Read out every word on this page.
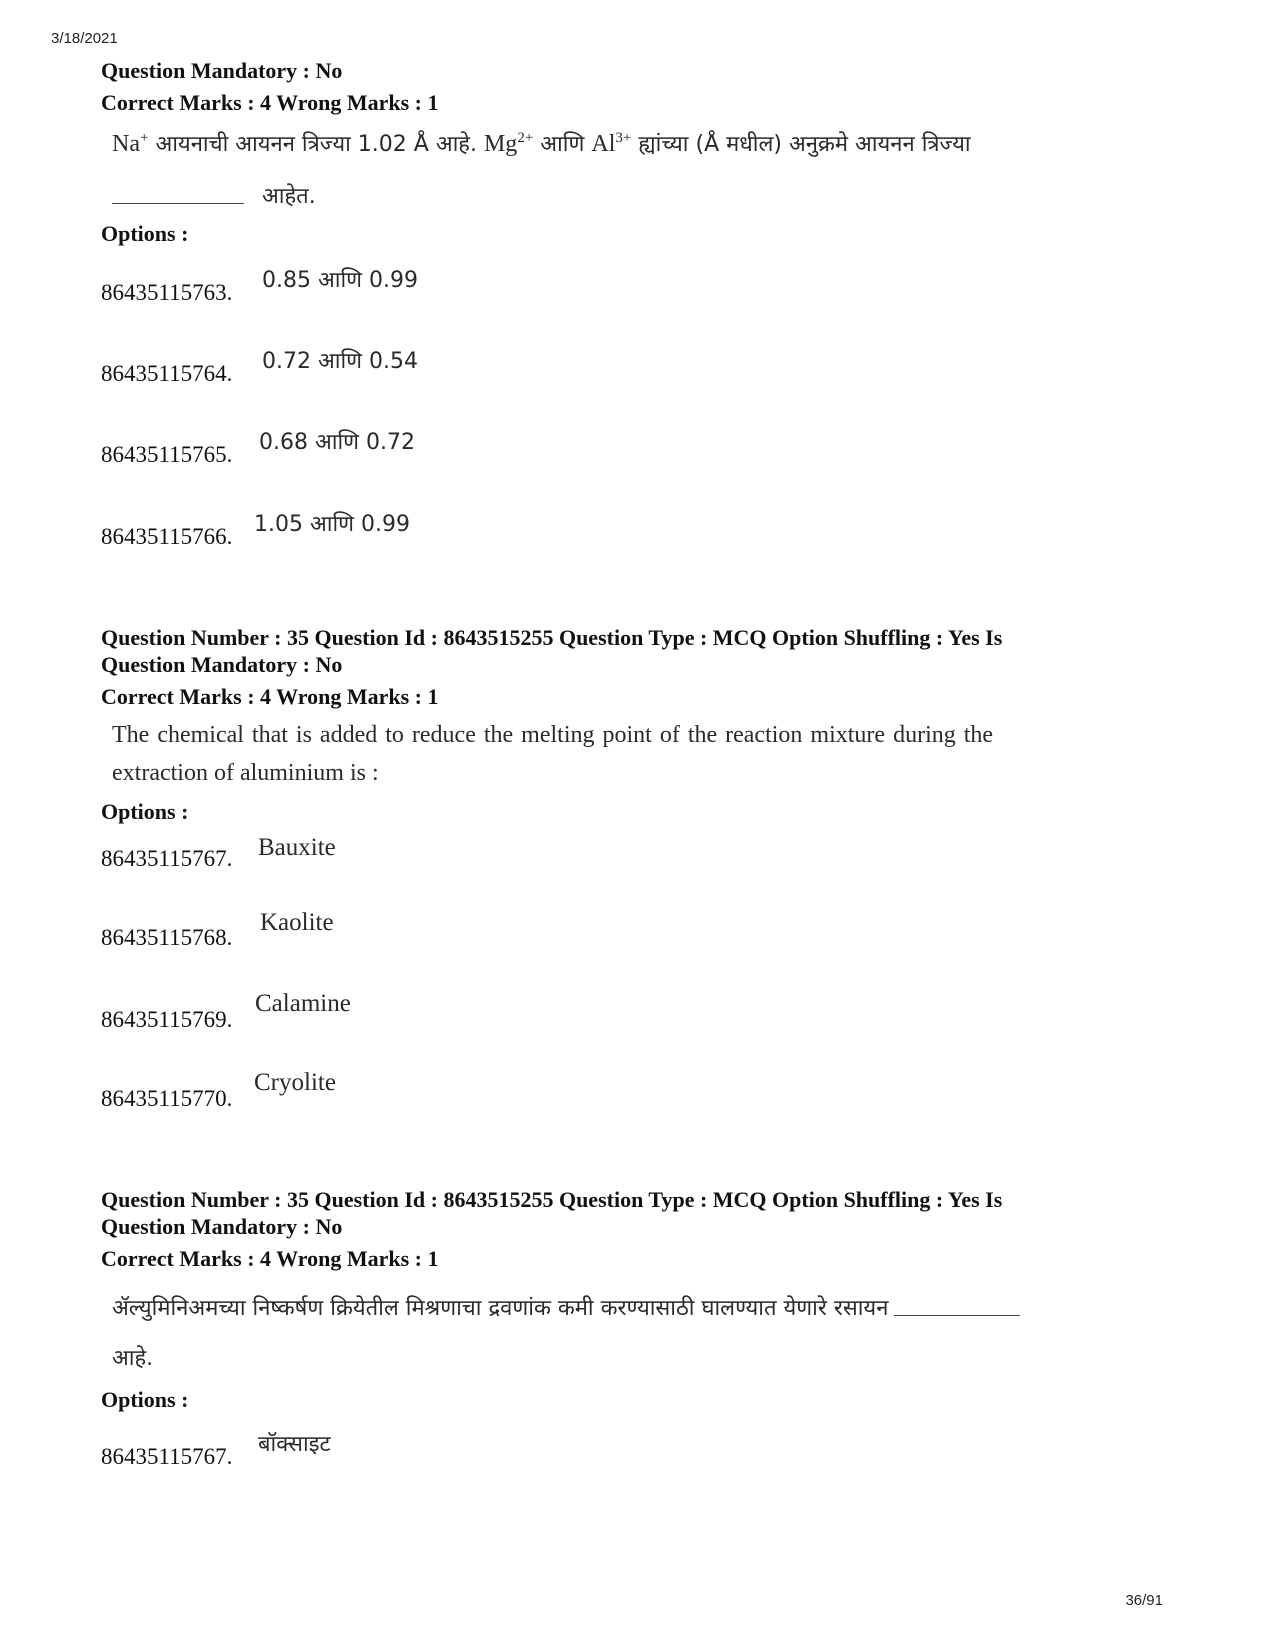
3/18/2021
Question Mandatory : No
Correct Marks : 4 Wrong Marks : 1
Na+ आयनाची आयनन त्रिज्या 1.02 Å आहे. $Mg^{2+}$ आणि $Al^{3+}$ ह्यांच्या (Å मधील) अनुक्रमे आयनन त्रिज्या
आहेत.
Options :
86435115763. 0.85 आणि 0.99
86435115764. 0.72 आणि 0.54
86435115765. 0.68 आणि 0.72
86435115766. 1.05 आणि 0.99
Question Number : 35 Question Id : 8643515255 Question Type : MCQ Option Shuffling : Yes Is
Question Mandatory : No
Correct Marks : 4 Wrong Marks : 1
The chemical that is added to reduce the melting point of the reaction mixture during the
extraction of aluminium is :
Options :
86435115767. Bauxite
86435115768.
Kaolite
86435115769.
Calamine
86435115770.
Cryolite
Question Number : 35 Question Id : 8643515255 Question Type : MCQ Option Shuffling : Yes Is
Question Mandatory : No
Correct Marks : 4 Wrong Marks : 1
ॲल्युमिनिअमच्या निष्कर्षण क्रियेतील मिश्रणाचा द्रवणांक कमी करण्यासाठी घालण्यात येणारे रसायन
आहे.
Options :
86435115767. बॉक्साइट
36/91
